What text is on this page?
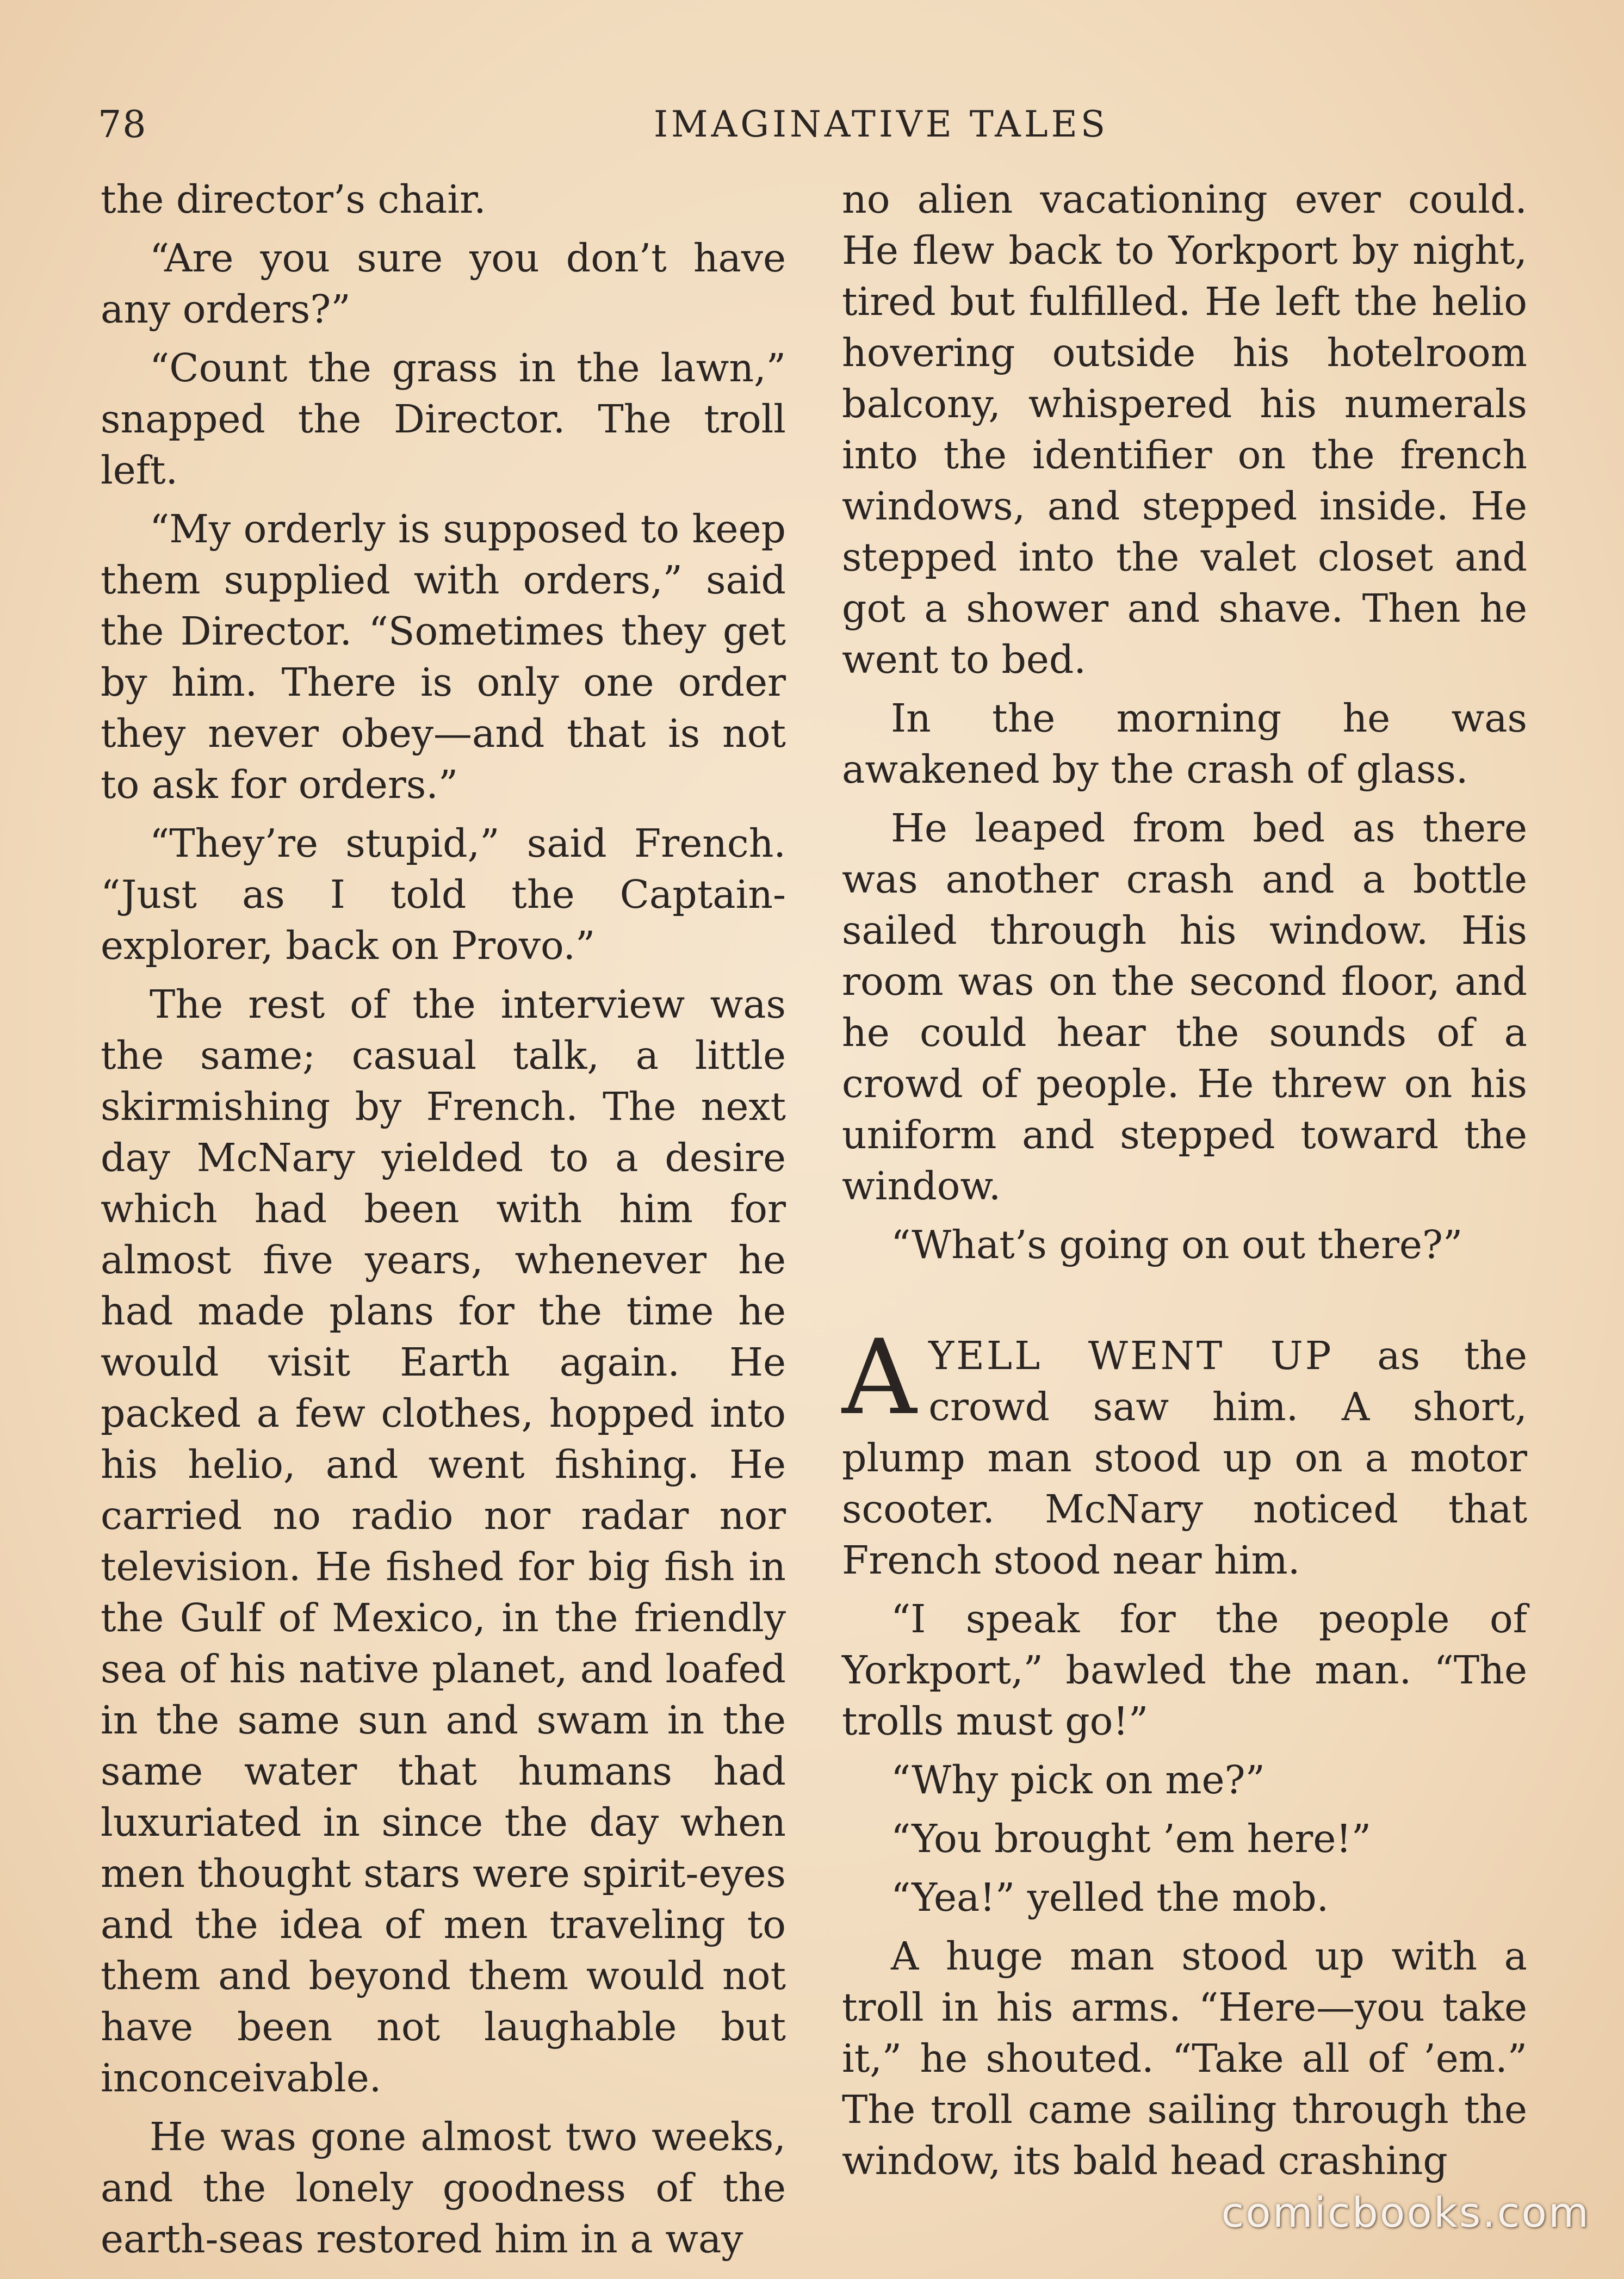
78	IMAGINATIVE TALES

the director’s chair.

“Are you sure you don’t have any orders?”

“Count the grass in the lawn,” snapped the Director. The troll left.

“My orderly is supposed to keep them supplied with orders,” said the Director. “Sometimes they get by him. There is only one order they never obey—and that is not to ask for orders.”

“They’re stupid,” said French. “Just as I told the Captain-explorer, back on Provo.”

The rest of the interview was the same; casual talk, a little skirmishing by French. The next day McNary yielded to a desire which had been with him for almost five years, whenever he had made plans for the time he would visit Earth again. He packed a few clothes, hopped into his helio, and went fishing. He carried no radio nor radar nor television. He fished for big fish in the Gulf of Mexico, in the friendly sea of his native planet, and loafed in the same sun and swam in the same water that humans had luxuriated in since the day when men thought stars were spirit-eyes and the idea of men traveling to them and beyond them would not have been not laughable but inconceivable.

He was gone almost two weeks, and the lonely goodness of the earth-seas restored him in a way

no alien vacationing ever could. He flew back to Yorkport by night, tired but fulfilled. He left the helio hovering outside his hotelroom balcony, whispered his numerals into the identifier on the french windows, and stepped inside. He stepped into the valet closet and got a shower and shave. Then he went to bed.

In the morning he was awakened by the crash of glass.

He leaped from bed as there was another crash and a bottle sailed through his window. His room was on the second floor, and he could hear the sounds of a crowd of people. He threw on his uniform and stepped toward the window.

“What’s going on out there?”

AYELL WENT UP as the crowd saw him. A short, plump man stood up on a motor scooter. McNary noticed that French stood near him.

“I speak for the people of Yorkport,” bawled the man. “The trolls must go!”

“Why pick on me?”

“You brought ’em here!”

“Yea!” yelled the mob.

A huge man stood up with a troll in his arms. “Here—you take it,” he shouted. “Take all of ’em.” The troll came sailing through the window, its bald head crashing

comicbooks.com
